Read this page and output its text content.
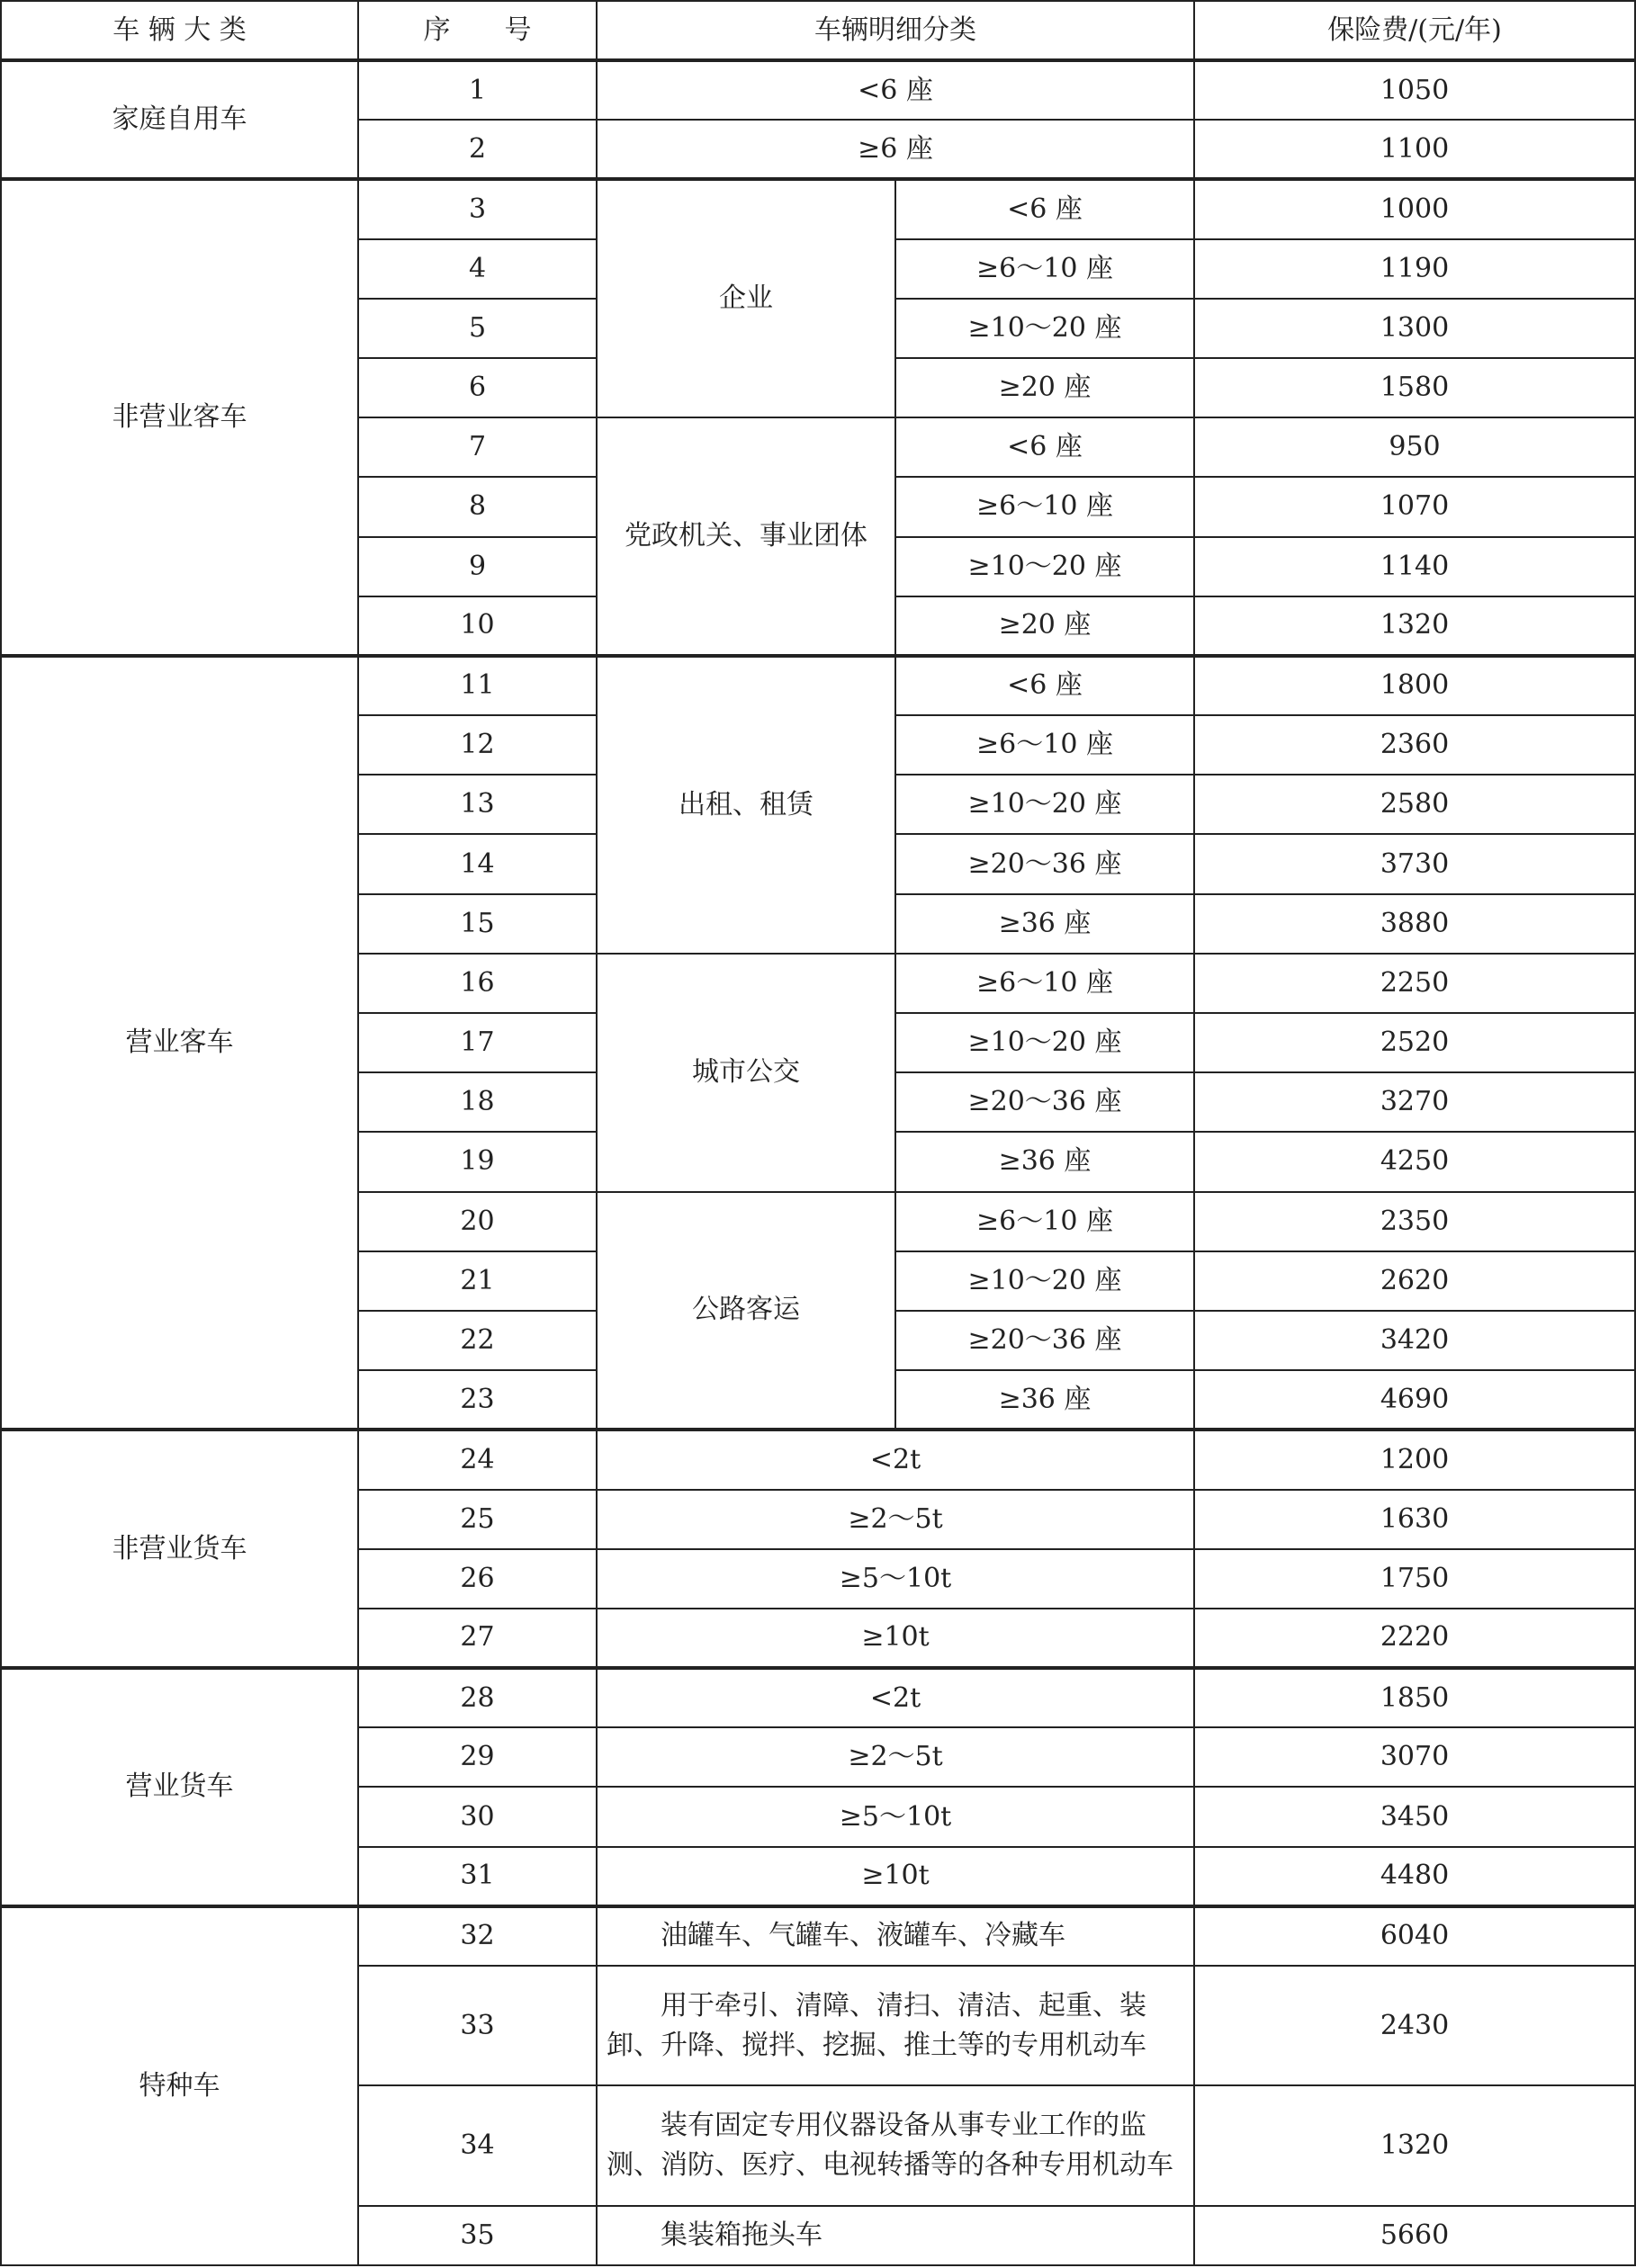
车 辆 大 类	序　　号	车辆明细分类		保险费/(元/年)
家庭自用车	1	<6 座		1050
	2	≥6 座		1100
非营业客车	3	企业	<6 座	1000
	4		≥6～10 座	1190
	5		≥10～20 座	1300
	6		≥20 座	1580
	7	党政机关、事业团体	<6 座	950
	8		≥6～10 座	1070
	9		≥10～20 座	1140
	10		≥20 座	1320
营业客车	11	出租、租赁	<6 座	1800
	12		≥6～10 座	2360
	13		≥10～20 座	2580
	14		≥20～36 座	3730
	15		≥36 座	3880
	16	城市公交	≥6～10 座	2250
	17		≥10～20 座	2520
	18		≥20～36 座	3270
	19		≥36 座	4250
	20	公路客运	≥6～10 座	2350
	21		≥10～20 座	2620
	22		≥20～36 座	3420
	23		≥36 座	4690
非营业货车	24	<2t		1200
	25	≥2～5t		1630
	26	≥5～10t		1750
	27	≥10t		2220
营业货车	28	<2t		1850
	29	≥2～5t		3070
	30	≥5～10t		3450
	31	≥10t		4480
特种车	32	油罐车、气罐车、液罐车、冷藏车		6040
	33	用于牵引、清障、清扫、清洁、起重、装卸、升降、搅拌、挖掘、推土等的专用机动车		2430
	34	装有固定专用仪器设备从事专业工作的监测、消防、医疗、电视转播等的各种专用机动车		1320
	35	集装箱拖头车		5660
